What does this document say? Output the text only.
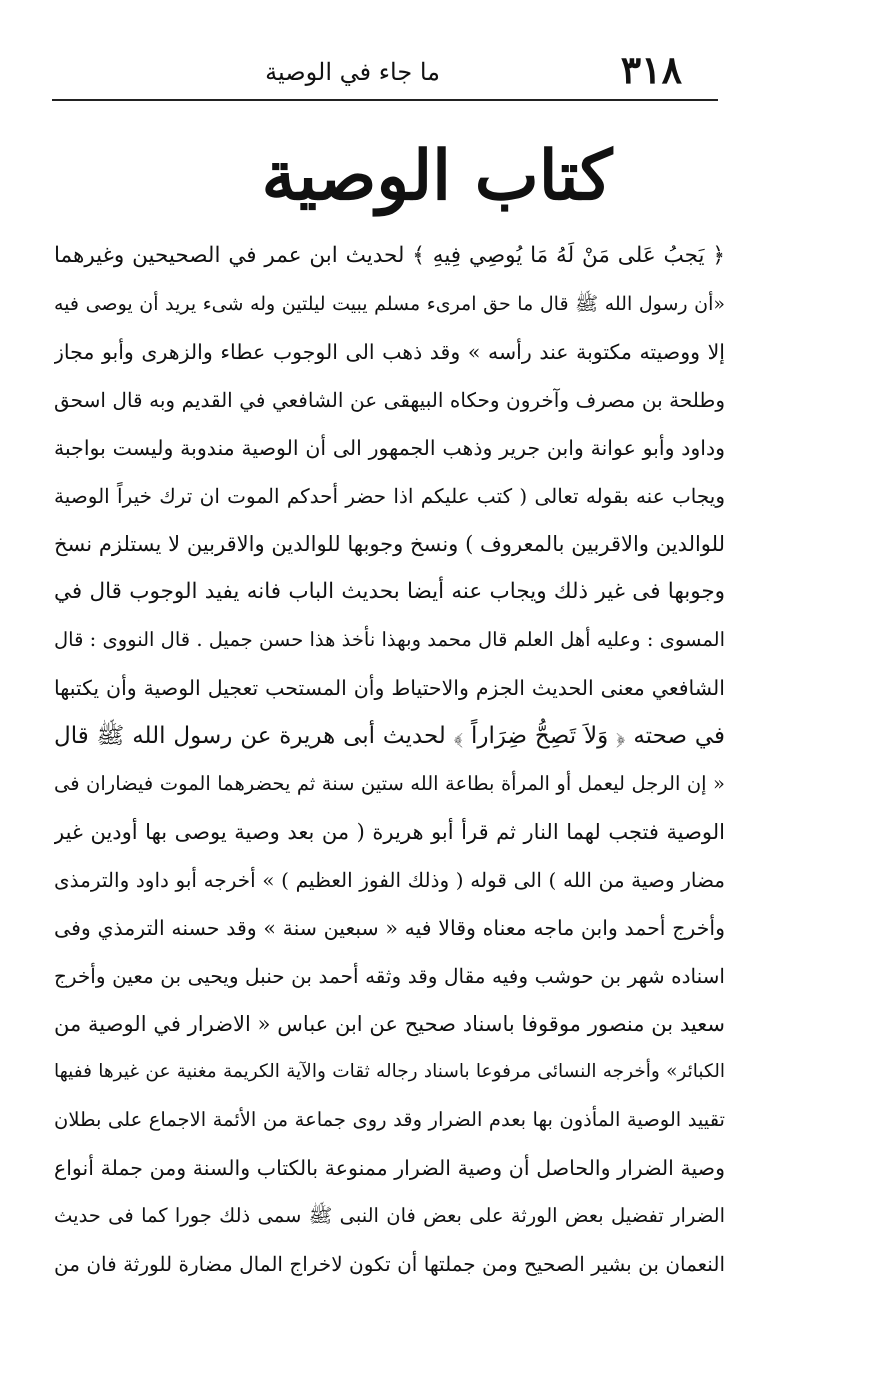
٣١٨
ما جاء في الوصية
كتاب الوصية
﴿ يَجبُ عَلى مَنْ لَهُ مَا يُوصِي فِيهِ ﴾ لحديث ابن عمر في الصحيحين وغيرهما
«أن رسول الله ﷺ قال ما حق امرىء مسلم يبيت ليلتين وله شىء يريد أن يوصى فيه
إلا ووصيته مكتوبة عند رأسه » وقد ذهب الى الوجوب عطاء والزهرى وأبو مجاز
وطلحة بن مصرف وآخرون وحكاه البيهقى عن الشافعي في القديم وبه قال اسحق
وداود وأبو عوانة وابن جرير وذهب الجمهور الى أن الوصية مندوبة وليست بواجبة
ويجاب عنه بقوله تعالى ( كتب عليكم اذا حضر أحدكم الموت ان ترك خيراً الوصية
للوالدين والاقربين بالمعروف ) ونسخ وجوبها للوالدين والاقربين لا يستلزم نسخ
وجوبها فى غير ذلك ويجاب عنه أيضا بحديث الباب فانه يفيد الوجوب قال في
المسوى : وعليه أهل العلم قال محمد وبهذا نأخذ هذا حسن جميل . قال النووى : قال
الشافعي معنى الحديث الجزم والاحتياط وأن المستحب تعجيل الوصية وأن يكتبها
في صحته ﴿ وَلاَ تَصِحُّ ضِرَاراً ﴾ لحديث أبى هريرة عن رسول الله ﷺ قال
« إن الرجل ليعمل أو المرأة بطاعة الله ستين سنة ثم يحضرهما الموت فيضاران فى
الوصية فتجب لهما النار ثم قرأ أبو هريرة ( من بعد وصية يوصى بها أودين غير
مضار وصية من الله ) الى قوله ( وذلك الفوز العظيم ) » أخرجه أبو داود والترمذى
وأخرج أحمد وابن ماجه معناه وقالا فيه « سبعين سنة » وقد حسنه الترمذي وفى
اسناده شهر بن حوشب وفيه مقال وقد وثقه أحمد بن حنبل ويحيى بن معين وأخرج
سعيد بن منصور موقوفا باسناد صحيح عن ابن عباس « الاضرار في الوصية من
الكبائر» وأخرجه النسائى مرفوعا باسناد رجاله ثقات والآية الكريمة مغنية عن غيرها ففيها
تقييد الوصية المأذون بها بعدم الضرار وقد روى جماعة من الأئمة الاجماع على بطلان
وصية الضرار والحاصل أن وصية الضرار ممنوعة بالكتاب والسنة ومن جملة أنواع
الضرار تفضيل بعض الورثة على بعض فان النبى ﷺ سمى ذلك جورا كما فى حديث
النعمان بن بشير الصحيح ومن جملتها أن تكون لاخراج المال مضارة للورثة فان من
